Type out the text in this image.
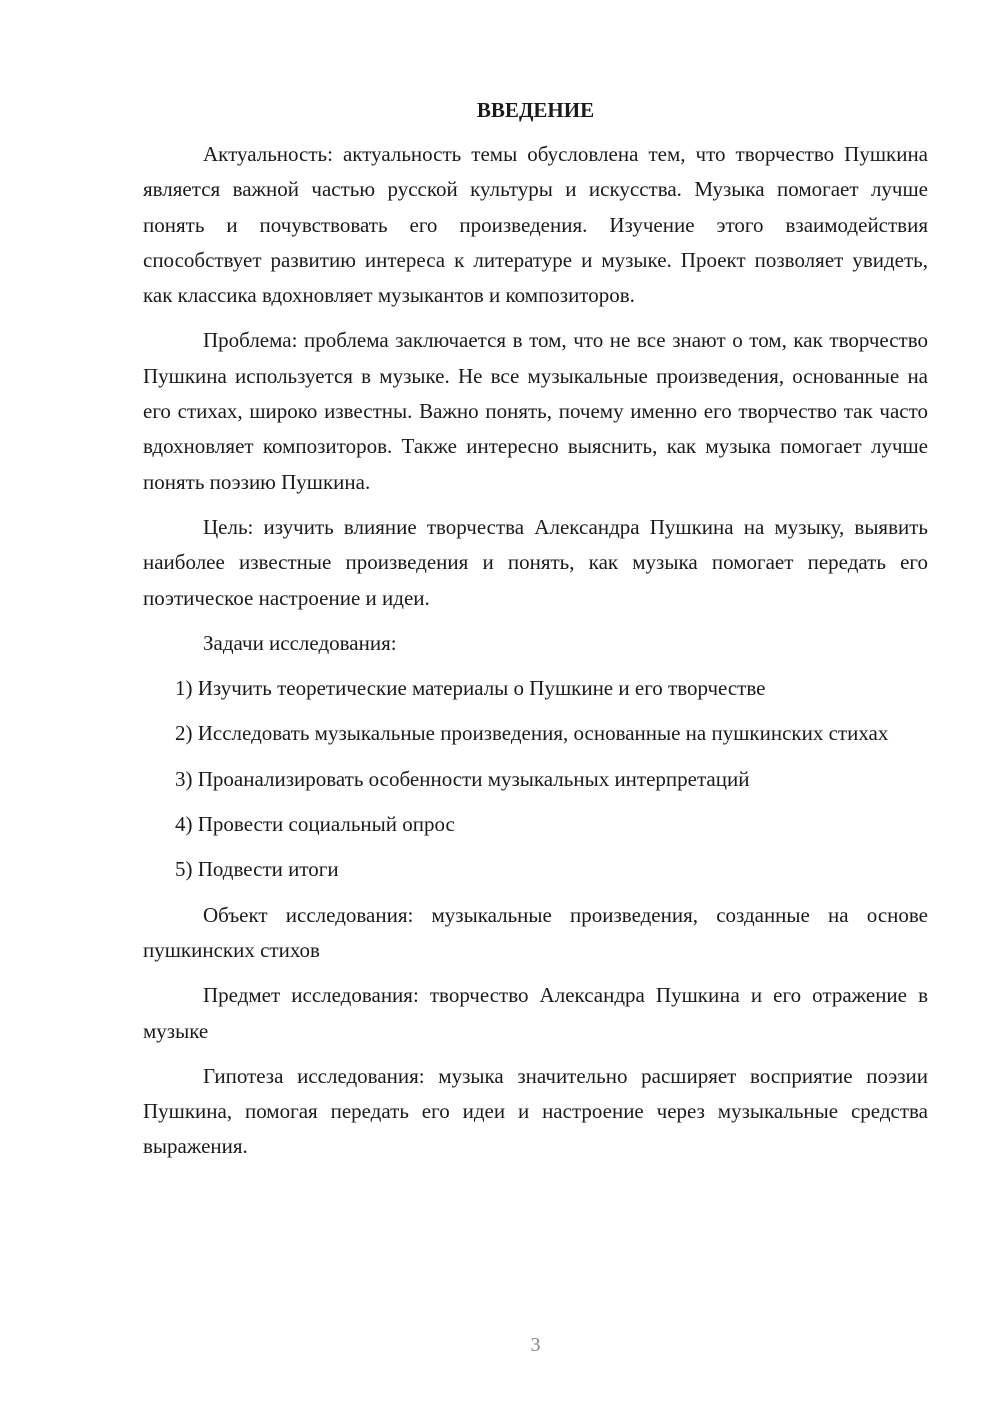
ВВЕДЕНИЕ

Актуальность: актуальность темы обусловлена тем, что творчество Пушкина является важной частью русской культуры и искусства. Музыка помогает лучше понять и почувствовать его произведения. Изучение этого взаимодействия способствует развитию интереса к литературе и музыке. Проект позволяет увидеть, как классика вдохновляет музыкантов и композиторов.

Проблема: проблема заключается в том, что не все знают о том, как творчество Пушкина используется в музыке. Не все музыкальные произведения, основанные на его стихах, широко известны. Важно понять, почему именно его творчество так часто вдохновляет композиторов. Также интересно выяснить, как музыка помогает лучше понять поэзию Пушкина.

Цель: изучить влияние творчества Александра Пушкина на музыку, выявить наиболее известные произведения и понять, как музыка помогает передать его поэтическое настроение и идеи.

Задачи исследования:

1) Изучить теоретические материалы о Пушкине и его творчестве

2) Исследовать музыкальные произведения, основанные на пушкинских стихах

3) Проанализировать особенности музыкальных интерпретаций

4) Провести социальный опрос

5) Подвести итоги

Объект исследования: музыкальные произведения, созданные на основе пушкинских стихов

Предмет исследования: творчество Александра Пушкина и его отражение в музыке

Гипотеза исследования: музыка значительно расширяет восприятие поэзии Пушкина, помогая передать его идеи и настроение через музыкальные средства выражения.

3
